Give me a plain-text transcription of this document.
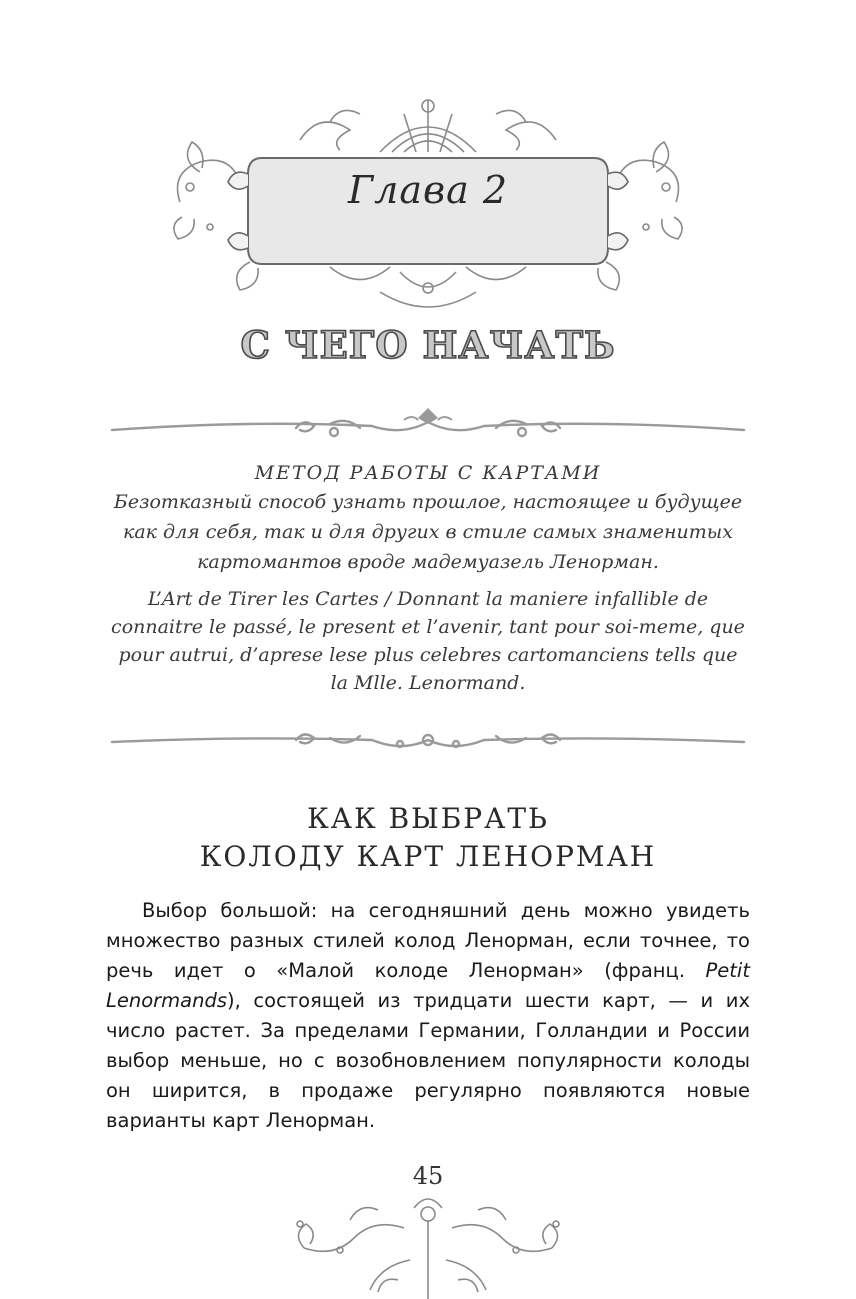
Глава 2
С ЧЕГО НАЧАТЬ
МЕТОД РАБОТЫ С КАРТАМИ

Безотказный способ узнать прошлое, настоящее и будущее как для себя, так и для других в стиле самых знаменитых картомантов вроде мадемуазель Ленорман.

L’Art de Tirer les Cartes / Donnant la maniere infallible de connaitre le passé, le present et l’avenir, tant pour soi-meme, que pour autrui, d’aprese lese plus celebres cartomanciens tells que la Mlle. Lenormand.

КАК ВЫБРАТЬ
КОЛОДУ КАРТ ЛЕНОРМАН

Выбор большой: на сегодняшний день можно увидеть множество разных стилей колод Ленорман, если точнее, то речь идет о «Малой колоде Ленорман» (франц. Petit Lenormands), состоящей из тридцати шести карт, — и их число растет. За пределами Германии, Голландии и России выбор меньше, но с возобновлением популярности колоды он ширится, в продаже регулярно появляются новые варианты карт Ленорман.

45
